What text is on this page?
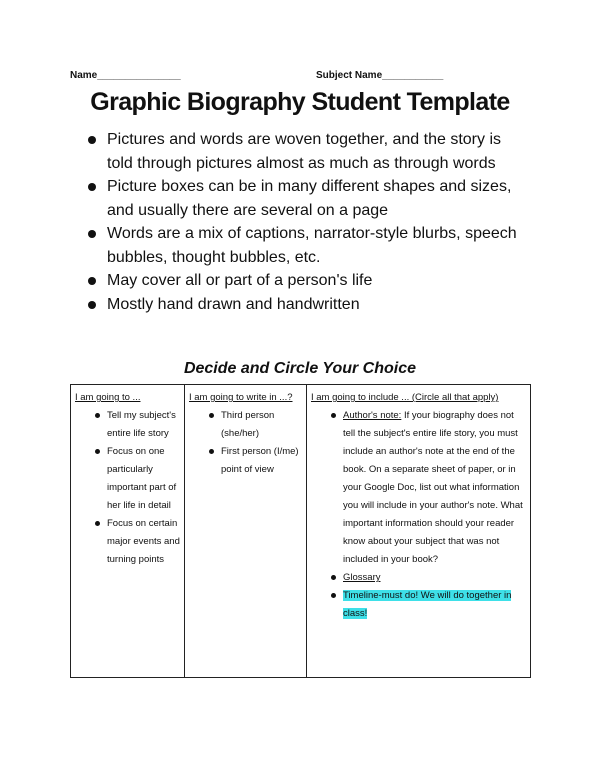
Name_______________	Subject Name___________
Graphic Biography Student Template
Pictures and words are woven together, and the story is told through pictures almost as much as through words
Picture boxes can be in many different shapes and sizes, and usually there are several on a page
Words are a mix of captions, narrator-style blurbs, speech bubbles, thought bubbles, etc.
May cover all or part of a person's life
Mostly hand drawn and handwritten
Decide and Circle Your Choice
I am going to ...
Tell my subject's entire life story
Focus on one particularly important part of her life in detail
Focus on certain major events and turning points

I am going to write in ...?
Third person (she/her)
First person (I/me) point of view

I am going to include ... (Circle all that apply)
Author's note: If your biography does not tell the subject's entire life story, you must include an author's note at the end of the book. On a separate sheet of paper, or in your Google Doc, list out what information you will include in your author's note. What important information should your reader know about your subject that was not included in your book?
Glossary
Timeline-must do! We will do together in class!
